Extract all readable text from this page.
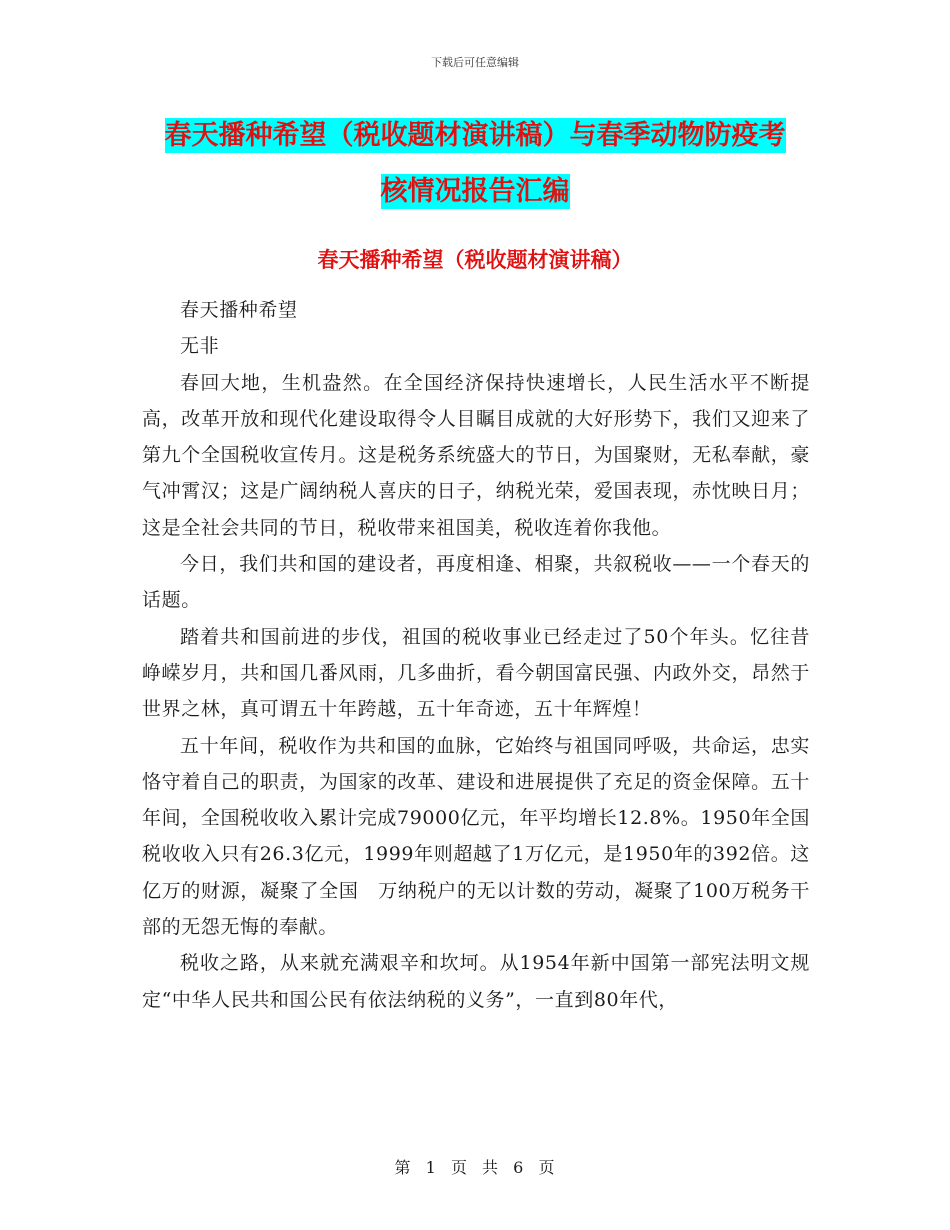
下载后可任意编辑
春天播种希望（税收题材演讲稿）与春季动物防疫考
核情况报告汇编
春天播种希望（税收题材演讲稿）

春天播种希望

无非

春回大地，生机盎然。在全国经济保持快速增长，人民生活水平不断提高，改革开放和现代化建设取得令人目瞩目成就的大好形势下，我们又迎来了第九个全国税收宣传月。这是税务系统盛大的节日，为国聚财，无私奉献，豪气冲霄汉；这是广阔纳税人喜庆的日子，纳税光荣，爱国表现，赤忱映日月；这是全社会共同的节日，税收带来祖国美，税收连着你我他。

今日，我们共和国的建设者，再度相逢、相聚，共叙税收——一个春天的话题。

踏着共和国前进的步伐，祖国的税收事业已经走过了50个年头。忆往昔峥嵘岁月，共和国几番风雨，几多曲折，看今朝国富民强、内政外交，昂然于世界之林，真可谓五十年跨越，五十年奇迹，五十年辉煌！

五十年间，税收作为共和国的血脉，它始终与祖国同呼吸，共命运，忠实恪守着自己的职责，为国家的改革、建设和进展提供了充足的资金保障。五十年间，全国税收收入累计完成79000亿元，年平均增长12.8%。1950年全国税收收入只有26.3亿元，1999年则超越了1万亿元，是1950年的392倍。这亿万的财源，凝聚了全国　万纳税户的无以计数的劳动，凝聚了100万税务干部的无怨无悔的奉献。

税收之路，从来就充满艰辛和坎坷。从1954年新中国第一部宪法明文规定“中华人民共和国公民有依法纳税的义务”，一直到80年代，

第 1 页 共 6 页
